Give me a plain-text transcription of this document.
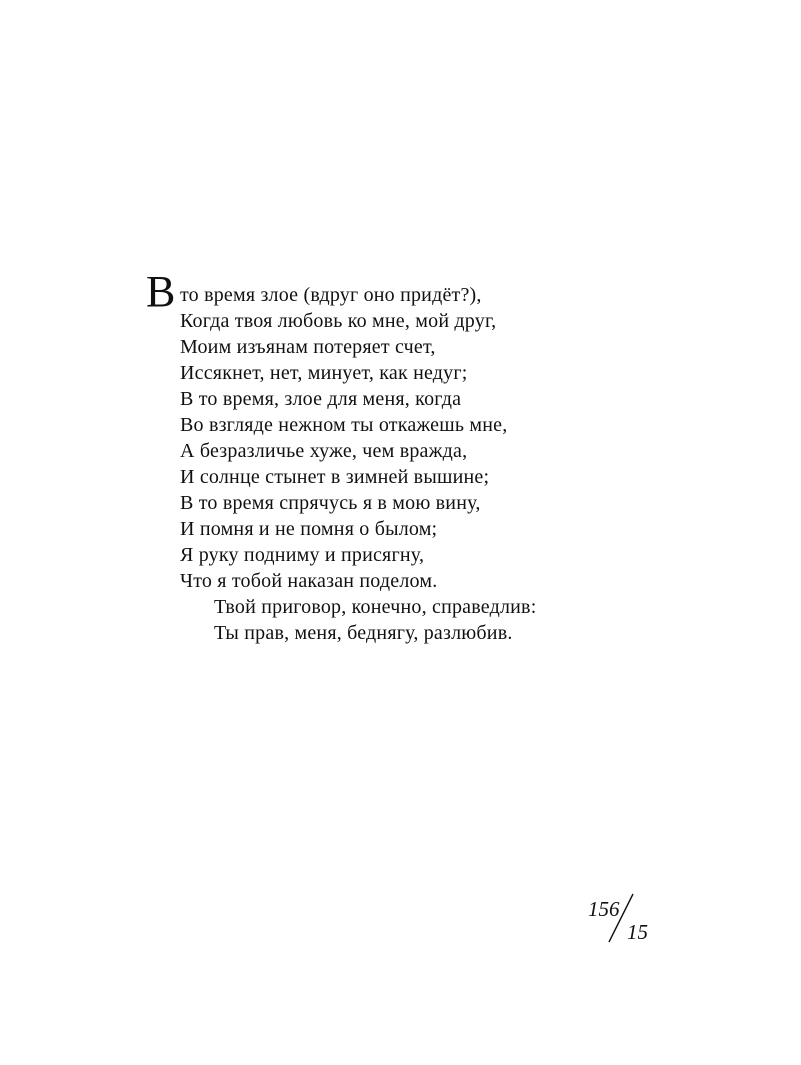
В то время злое (вдруг оно придёт?),
Когда твоя любовь ко мне, мой друг,
Моим изъянам потеряет счет,
Иссякнет, нет, минует, как недуг;
В то время, злое для меня, когда
Во взгляде нежном ты откажешь мне,
А безразличье хуже, чем вражда,
И солнце стынет в зимней вышине;
В то время спрячусь я в мою вину,
И помня и не помня о былом;
Я руку подниму и присягну,
Что я тобой наказан поделом.
Твой приговор, конечно, справедлив:
Ты прав, меня, беднягу, разлюбив.
156
15
